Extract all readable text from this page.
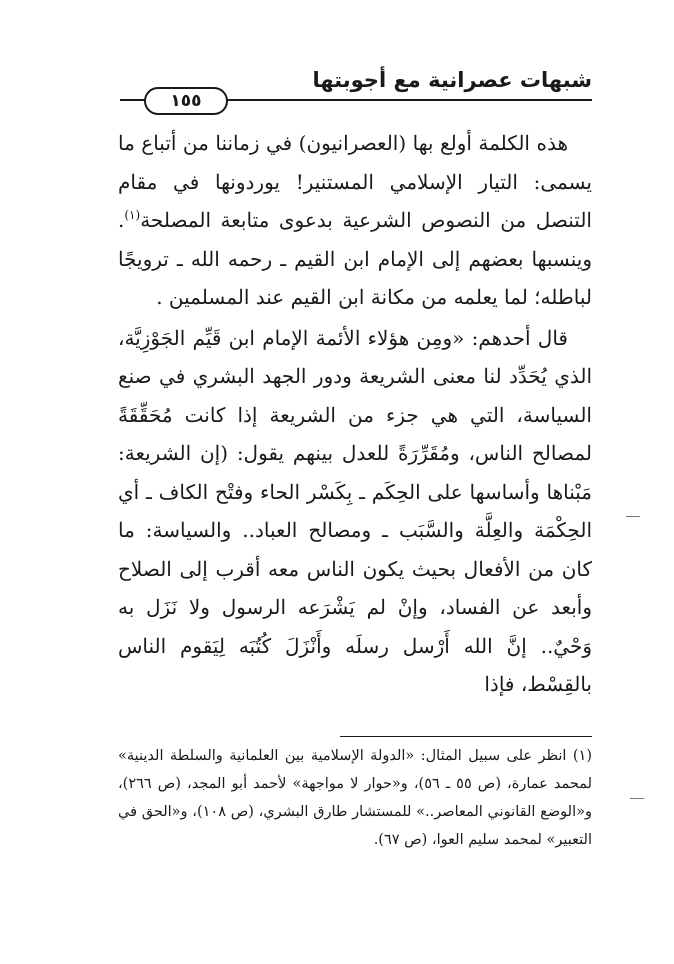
شبهات عصرانية مع أجوبتها
١٥٥

هذه الكلمة أولع بها (العصرانيون) في زماننا من أتباع ما يسمى: التيار الإسلامي المستنير! يوردونها في مقام التنصل من النصوص الشرعية بدعوى متابعة المصلحة$^{(١)}$. وينسبها بعضهم إلى الإمام ابن القيم ـ رحمه الله ـ ترويجًا لباطله؛ لما يعلمه من مكانة ابن القيم عند المسلمين .

قال أحدهم: «ومِن هؤلاء الأئمة الإمام ابن قَيِّم الجَوْزِيَّة، الذي يُحَدِّد لنا معنى الشريعة ودور الجهد البشري في صنع السياسة، التي هي جزء من الشريعة إذا كانت مُحَقِّقَةً لمصالح الناس، ومُقَرِّرَةً للعدل بينهم يقول: (إن الشريعة: مَبْناها وأساسها على الحِكَم ـ بِكَسْر الحاء وفتْح الكاف ـ أي الحِكْمَة والعِلَّة والسَّبَب ـ ومصالح العباد.. والسياسة: ما كان من الأفعال بحيث يكون الناس معه أقرب إلى الصلاح وأبعد عن الفساد، وإنْ لم يَشْرَعه الرسول ولا نَزَل به وَحْيٌ.. إنَّ الله أَرْسل رسلَه وأَنْزَلَ كُتُبَه لِيَقوم الناس بالقِسْط، فإذا

(١) انظر على سبيل المثال: «الدولة الإسلامية بين العلمانية والسلطة الدينية» لمحمد عمارة، (ص ٥٥ ـ ٥٦)، و«حوار لا مواجهة» لأحمد أبو المجد، (ص ٢٦٦)، و«الوضع القانوني المعاصر..» للمستشار طارق البشري، (ص ١٠٨)، و«الحق في التعبير» لمحمد سليم العوا، (ص ٦٧).
